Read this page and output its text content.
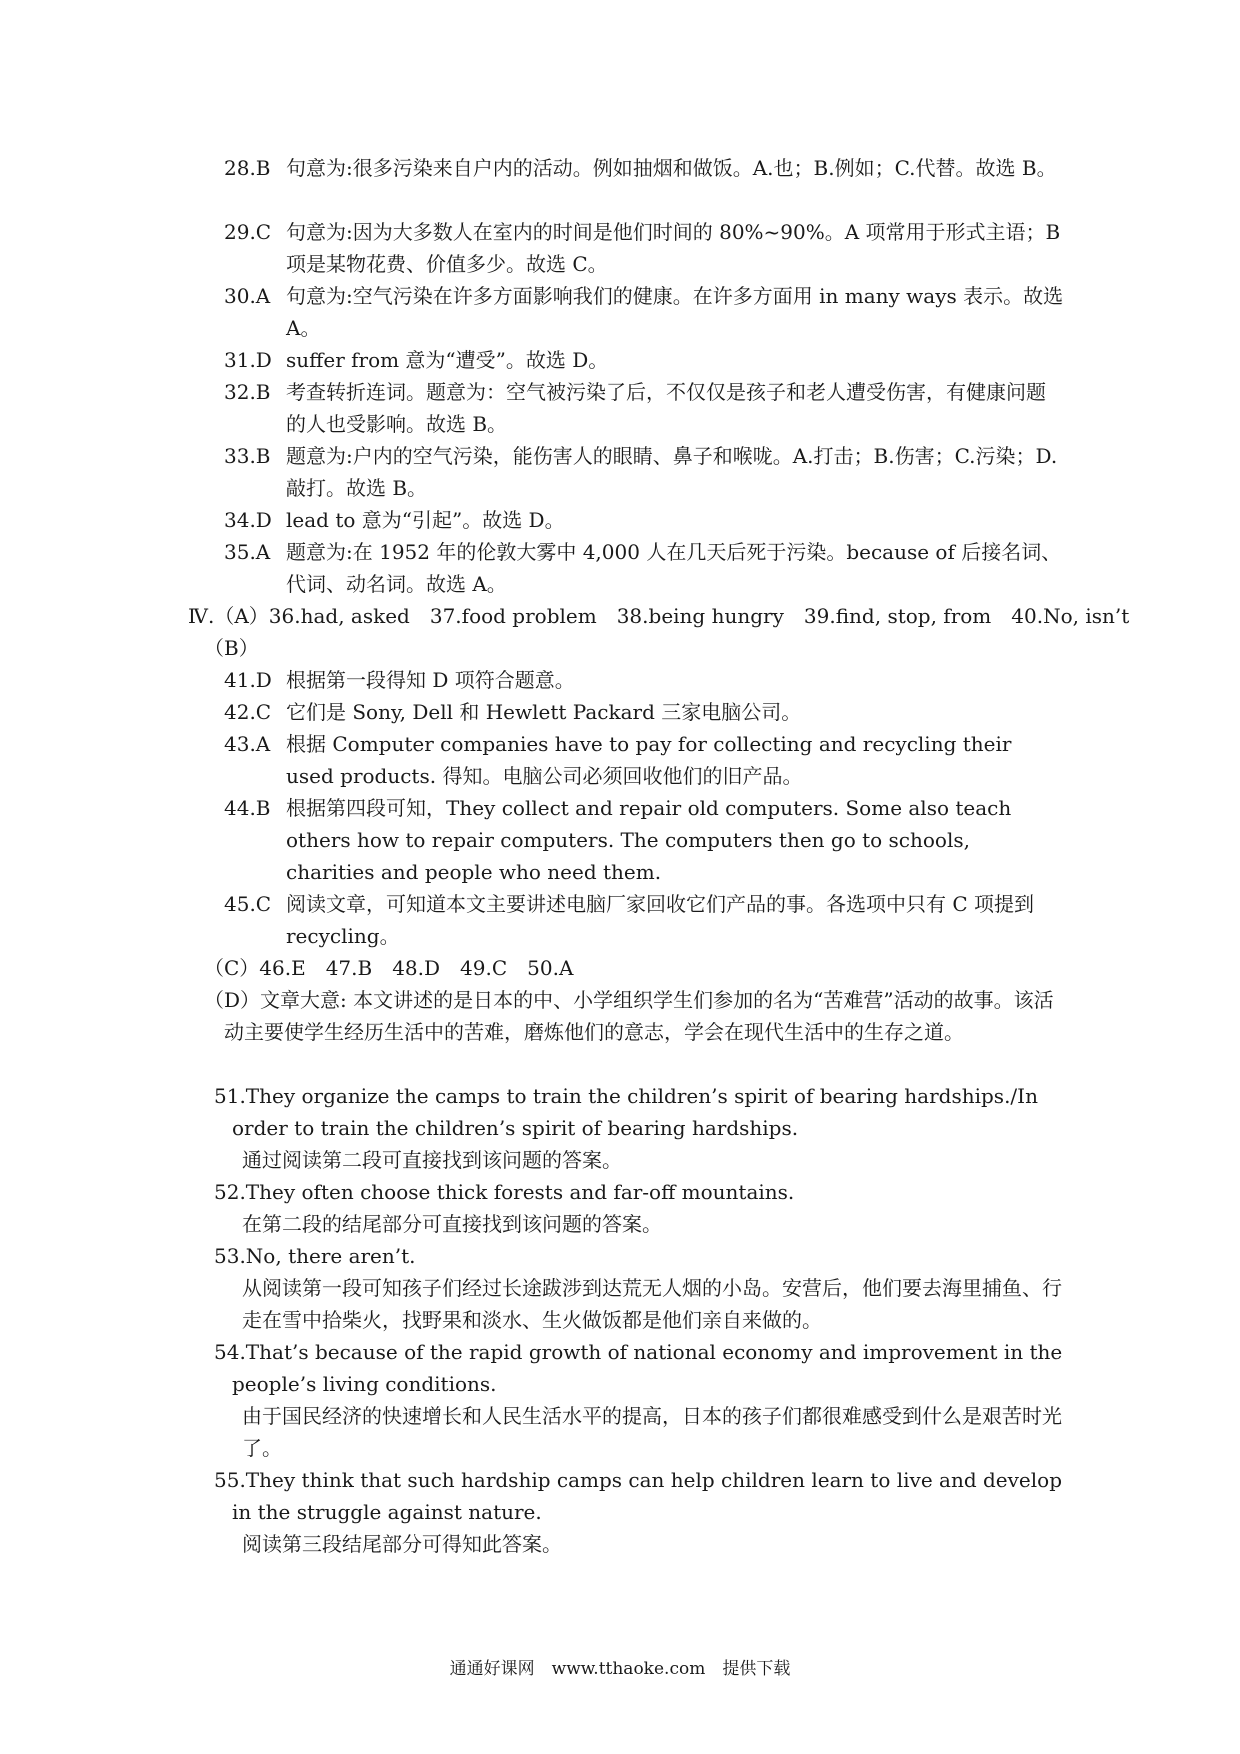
28.B 句意为:很多污染来自户内的活动。例如抽烟和做饭。A.也；B.例如；C.代替。故选 B。
29.C 句意为:因为大多数人在室内的时间是他们时间的 80%~90%。A 项常用于形式主语；B 项是某物花费、价值多少。故选 C。
30.A 句意为:空气污染在许多方面影响我们的健康。在许多方面用 in many ways 表示。故选 A。
31.D suffer from 意为“遭受”。故选 D。
32.B 考查转折连词。题意为：空气被污染了后，不仅仅是孩子和老人遭受伤害，有健康问题的人也受影响。故选 B。
33.B 题意为:户内的空气污染，能伤害人的眼睛、鼻子和喉咙。A.打击；B.伤害；C.污染；D.敲打。故选 B。
34.D lead to 意为“引起”。故选 D。
35.A 题意为:在 1952 年的伦敦大雾中 4,000 人在几天后死于污染。because of 后接名词、代词、动名词。故选 A。
Ⅳ.（A）36.had, asked　37.food problem　38.being hungry　39.find, stop, from　40.No, isn’t
（B）
41.D 根据第一段得知 D 项符合题意。
42.C 它们是 Sony, Dell 和 Hewlett Packard 三家电脑公司。
43.A 根据 Computer companies have to pay for collecting and recycling their used products. 得知。电脑公司必须回收他们的旧产品。
44.B 根据第四段可知，They collect and repair old computers. Some also teach others how to repair computers. The computers then go to schools, charities and people who need them.
45.C 阅读文章，可知道本文主要讲述电脑厂家回收它们产品的事。各选项中只有 C 项提到 recycling。
（C）46.E　47.B　48.D　49.C　50.A
（D）文章大意: 本文讲述的是日本的中、小学组织学生们参加的名为“苦难营”活动的故事。该活动主要使学生经历生活中的苦难，磨炼他们的意志，学会在现代生活中的生存之道。
51.They organize the camps to train the children’s spirit of bearing hardships./In order to train the children’s spirit of bearing hardships.
通过阅读第二段可直接找到该问题的答案。
52.They often choose thick forests and far-off mountains.
在第二段的结尾部分可直接找到该问题的答案。
53.No, there aren’t.
从阅读第一段可知孩子们经过长途跋涉到达荒无人烟的小岛。安营后，他们要去海里捕鱼、行走在雪中拾柴火，找野果和淡水、生火做饭都是他们亲自来做的。
54.That’s because of the rapid growth of national economy and improvement in the people’s living conditions.
由于国民经济的快速增长和人民生活水平的提高，日本的孩子们都很难感受到什么是艰苦时光了。
55.They think that such hardship camps can help children learn to live and develop in the struggle against nature.
阅读第三段结尾部分可得知此答案。
通通好课网　www.tthaoke.com　提供下载
